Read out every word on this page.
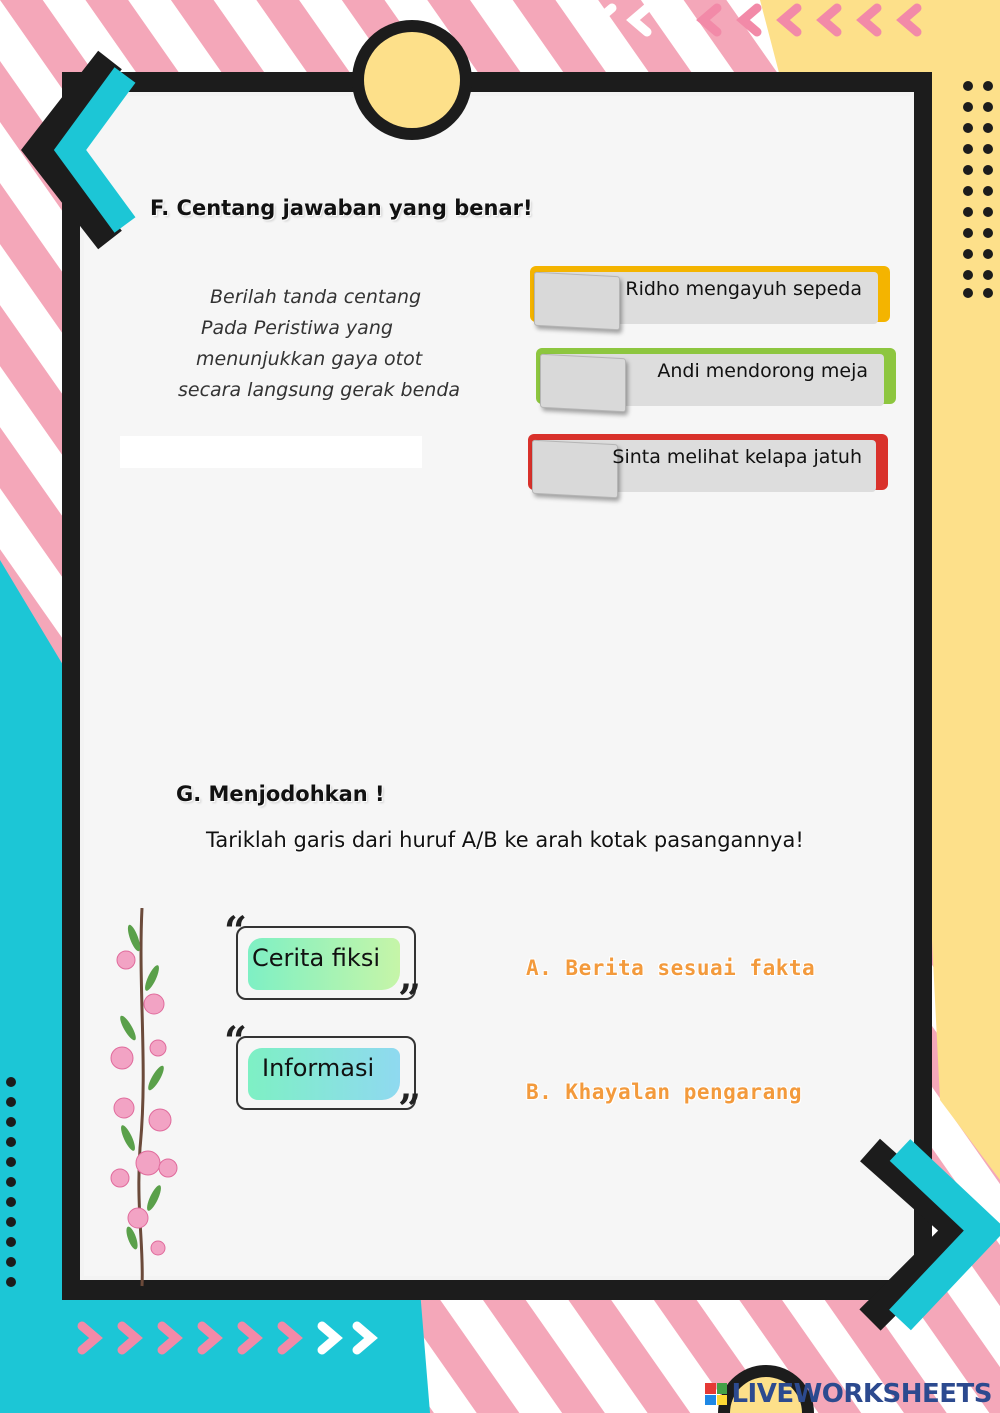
F. Centang jawaban yang benar!
Berilah tanda centang
Pada Peristiwa yang
menunjukkan gaya otot
secara langsung gerak benda
Ridho mengayuh sepeda
Andi mendorong meja
Sinta melihat kelapa jatuh
G. Menjodohkan !
Tariklah garis dari huruf A/B ke arah kotak pasangannya!
“
Cerita fiksi
”
“
Informasi
”
A. Berita sesuai fakta
B. Khayalan pengarang
LIVEWORKSHEETS
